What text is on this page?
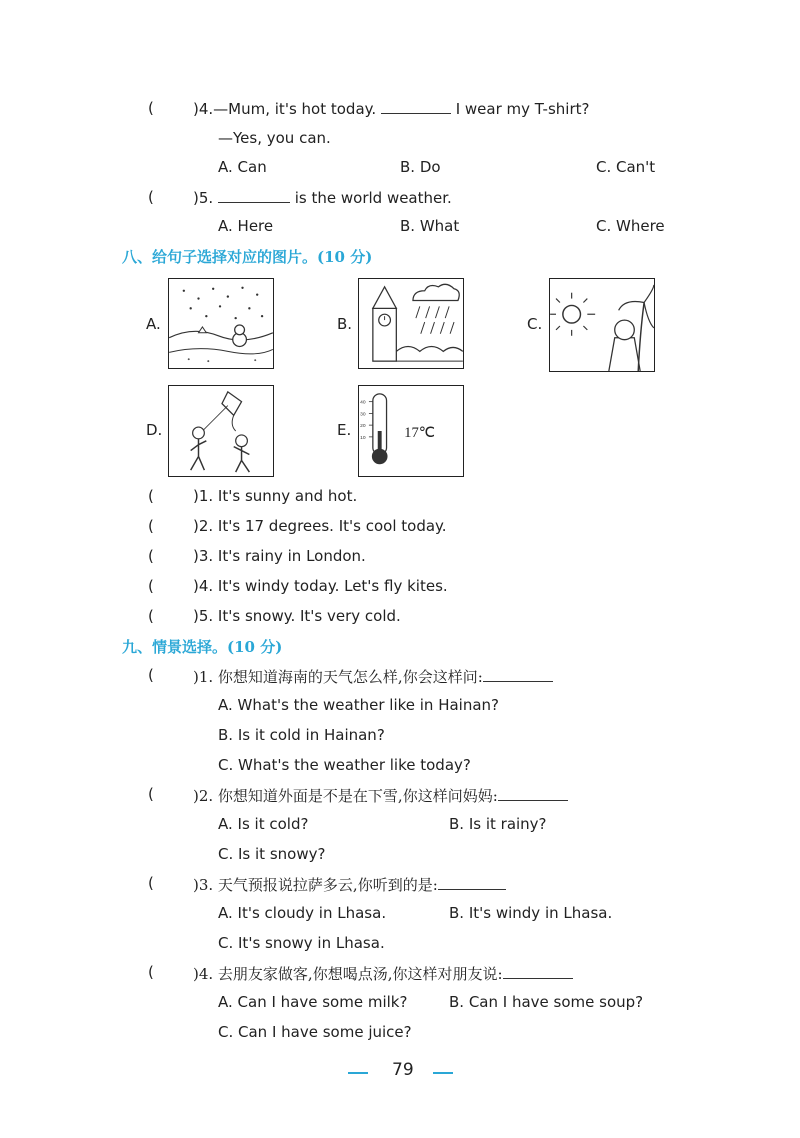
(	)4.—Mum, it's hot today.	I wear my T-shirt?
—Yes, you can.
A. Can	B. Do	C. Can't
(	)5.	is the world weather.
A. Here	B. What	C. Where
八、给句子选择对应的图片。(10 分)
A.	B.	C.
D.	E.
40
30
20
10	17℃
(	)1. It's sunny and hot.
(	)2. It's 17 degrees. It's cool today.
(	)3. It's rainy in London.
(	)4. It's windy today. Let's fly kites.
(	)5. It's snowy. It's very cold.
九、情景选择。(10 分)
(	)1. 你想知道海南的天气怎么样,你会这样问:
A. What's the weather like in Hainan?
B. Is it cold in Hainan?
C. What's the weather like today?
(	)2. 你想知道外面是不是在下雪,你这样问妈妈:
A. Is it cold?	B. Is it rainy?
C. Is it snowy?
(	)3. 天气预报说拉萨多云,你听到的是:
A. It's cloudy in Lhasa.	B. It's windy in Lhasa.
C. It's snowy in Lhasa.
(	)4. 去朋友家做客,你想喝点汤,你这样对朋友说:
A. Can I have some milk?	B. Can I have some soup?
C. Can I have some juice?
79
